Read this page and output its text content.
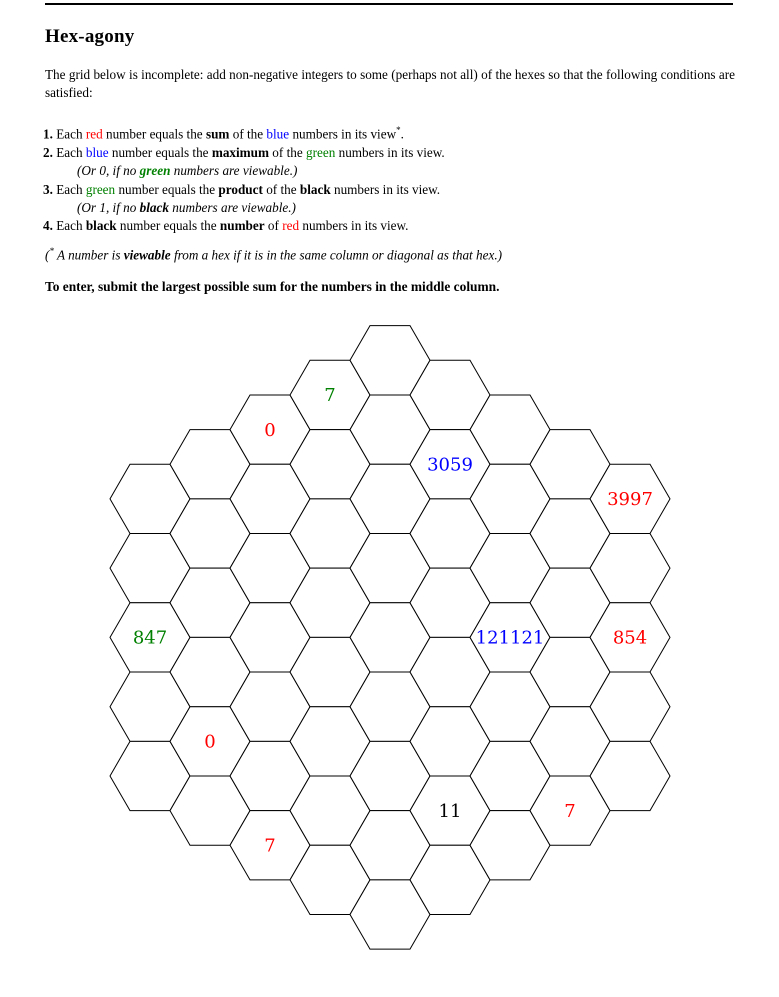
Hex-agony

The grid below is incomplete: add non-negative integers to some (perhaps not all) of the hexes so that the following conditions are satisfied:

1. Each red number equals the sum of the blue numbers in its view*.
2. Each blue number equals the maximum of the green numbers in its view.
(Or 0, if no green numbers are viewable.)
3. Each green number equals the product of the black numbers in its view.
(Or 1, if no black numbers are viewable.)
4. Each black number equals the number of red numbers in its view.
(* A number is viewable from a hex if it is in the same column or diagonal as that hex.)
To enter, submit the largest possible sum for the numbers in the middle column.
847
0
0
7
7
3059
11
121121
7
3997
854
